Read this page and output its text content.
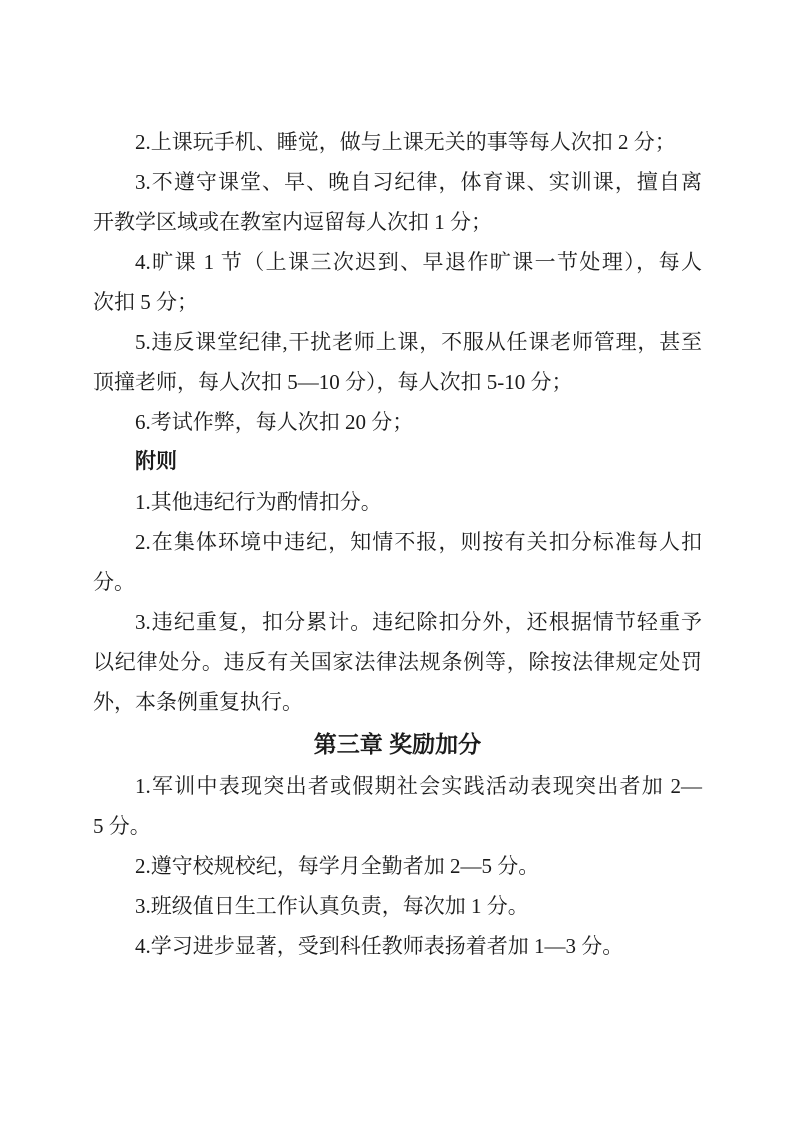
2.上课玩手机、睡觉，做与上课无关的事等每人次扣 2 分；

3.不遵守课堂、早、晚自习纪律，体育课、实训课，擅自离
开教学区域或在教室内逗留每人次扣 1 分；

4.旷课 1 节（上课三次迟到、早退作旷课一节处理），每人
次扣 5 分；

5.违反课堂纪律,干扰老师上课，不服从任课老师管理，甚至
顶撞老师，每人次扣 5—10 分），每人次扣 5-10 分；

6.考试作弊，每人次扣 20 分；

附则

1.其他违纪行为酌情扣分。

2.在集体环境中违纪，知情不报，则按有关扣分标准每人扣
分。

3.违纪重复，扣分累计。违纪除扣分外，还根据情节轻重予
以纪律处分。违反有关国家法律法规条例等，除按法律规定处罚
外，本条例重复执行。

第三章 奖励加分

1.军训中表现突出者或假期社会实践活动表现突出者加 2—
5 分。

2.遵守校规校纪，每学月全勤者加 2—5 分。

3.班级值日生工作认真负责，每次加 1 分。

4.学习进步显著，受到科任教师表扬着者加 1—3 分。
